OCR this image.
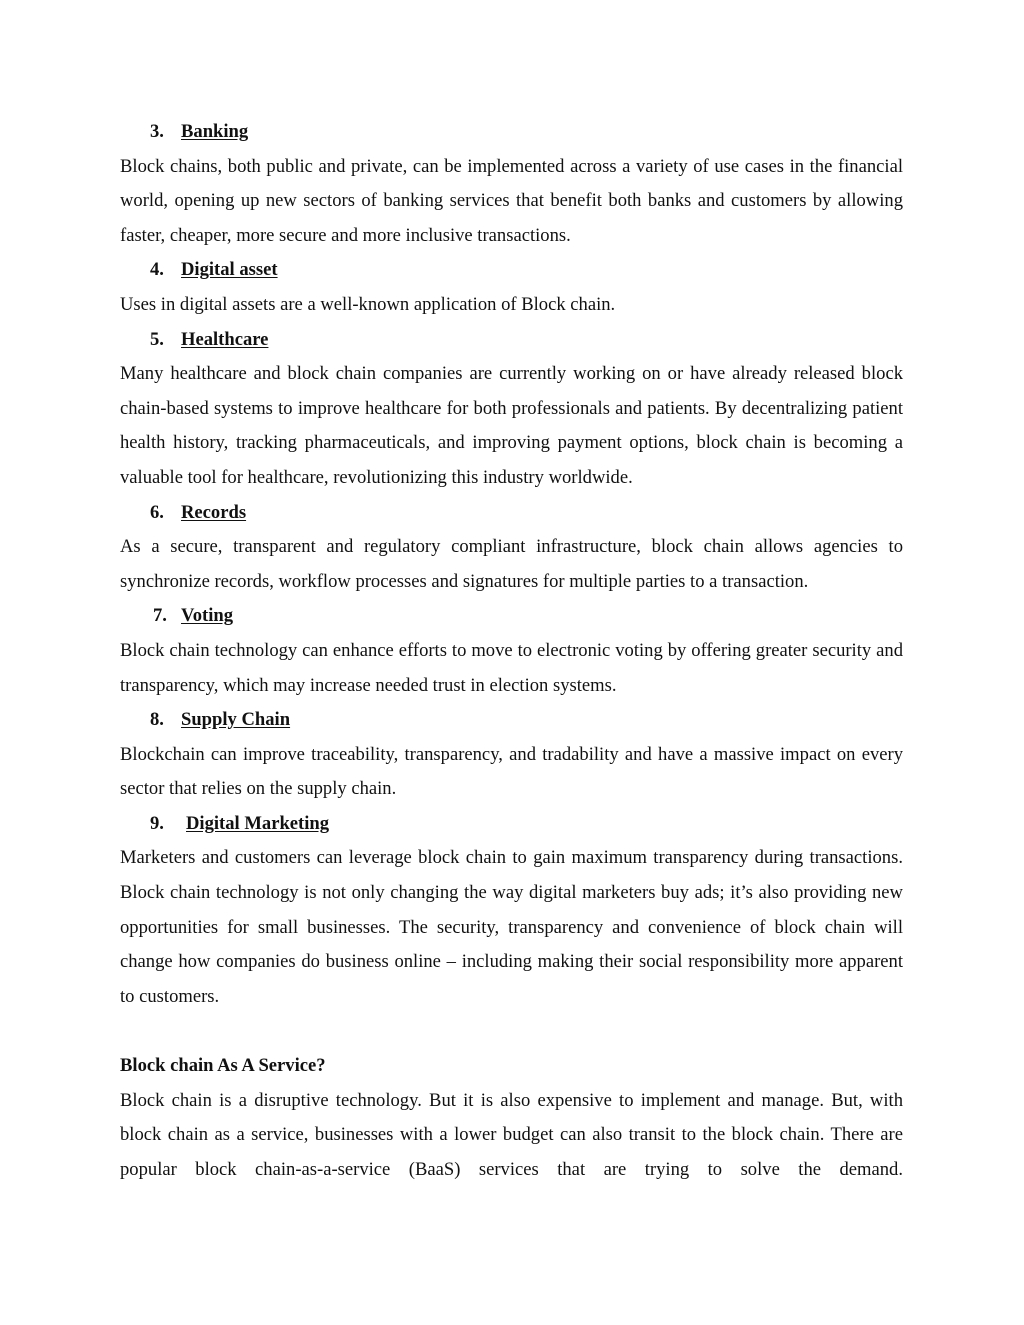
3. Banking

Block chains, both public and private, can be implemented across a variety of use cases in the financial world, opening up new sectors of banking services that benefit both banks and customers by allowing faster, cheaper, more secure and more inclusive transactions.

4. Digital asset

Uses in digital assets are a well-known application of Block chain.

5. Healthcare

Many healthcare and block chain companies are currently working on or have already released block chain-based systems to improve healthcare for both professionals and patients. By decentralizing patient health history, tracking pharmaceuticals, and improving payment options, block chain is becoming a valuable tool for healthcare, revolutionizing this industry worldwide.

6. Records

As a secure, transparent and regulatory compliant infrastructure, block chain allows agencies to synchronize records, workflow processes and signatures for multiple parties to a transaction.

7. Voting

Block chain technology can enhance efforts to move to electronic voting by offering greater security and transparency, which may increase needed trust in election systems.

8. Supply Chain

Blockchain can improve traceability, transparency, and tradability and have a massive impact on every sector that relies on the supply chain.

9.	Digital Marketing

Marketers and customers can leverage block chain to gain maximum transparency during transactions. Block chain technology is not only changing the way digital marketers buy ads; it’s also providing new opportunities for small businesses. The security, transparency and convenience of block chain will change how companies do business online – including making their social responsibility more apparent to customers.

Block chain As A Service?

Block chain is a disruptive technology. But it is also expensive to implement and manage. But, with block chain as a service, businesses with a lower budget can also transit to the block chain. There are popular block chain-as-a-service (BaaS) services that are trying to solve the demand.
